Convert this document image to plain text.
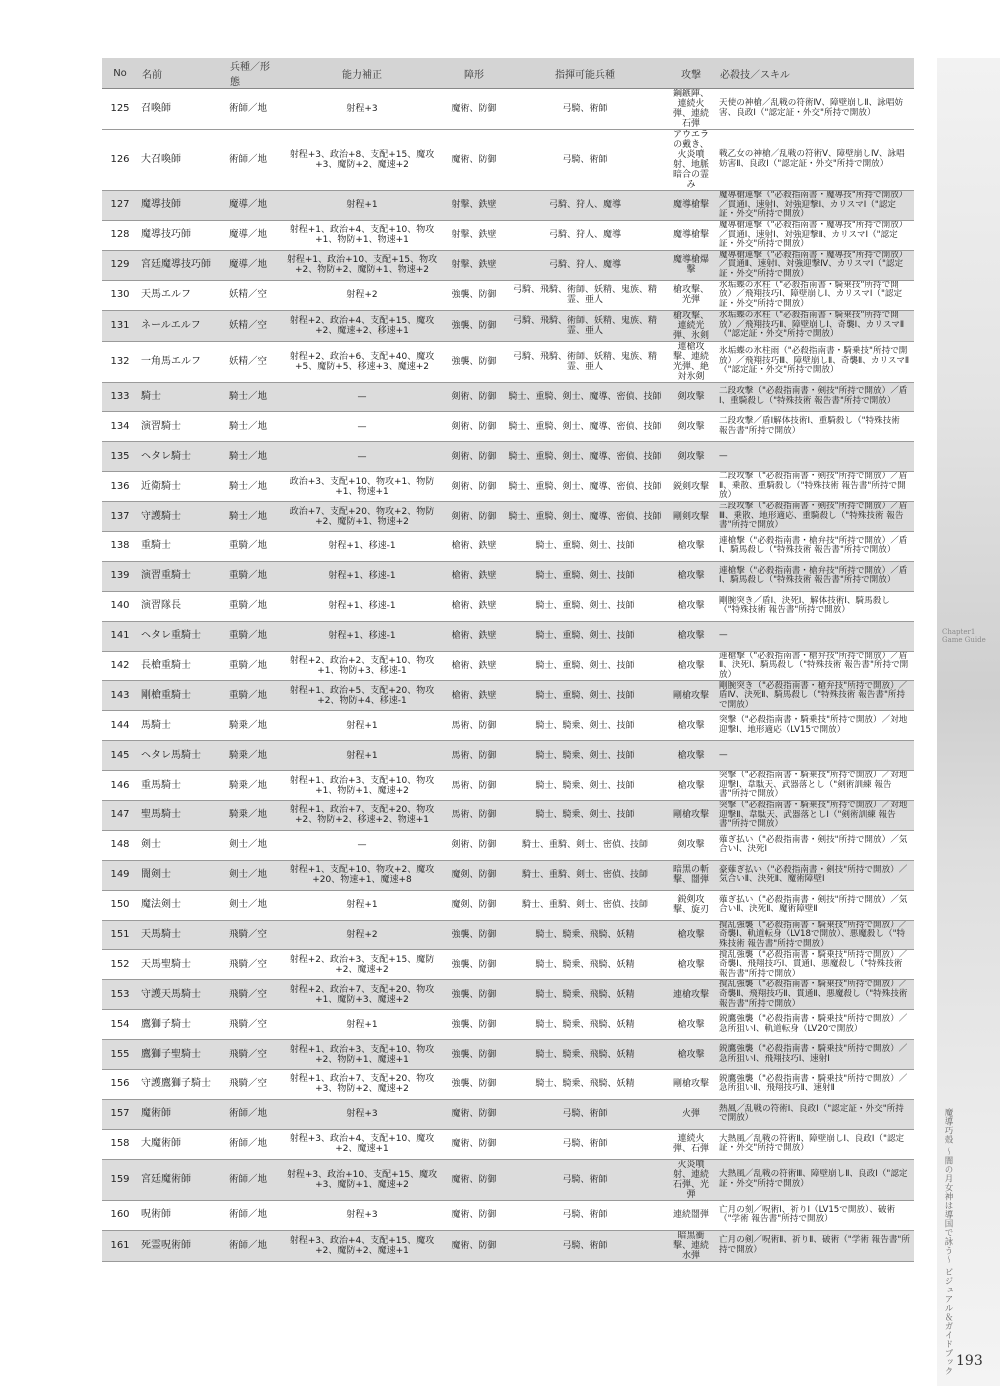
No	名前	兵種／形態	能力補正	障形	指揮可能兵種	攻撃	必殺技／スキル
125	召喚師	術師／地	射程+3	魔術、防御	弓騎、術師	鋼鏃陣、連続火弾、連続石弾	天使の神槍／乱戦の符術Ⅳ、障壁崩しⅡ、詠唱妨害、良政Ⅰ（"認定証・外交"所持で開放）
126	大召喚師	術師／地	射程+3、政治+8、支配+15、魔攻+3、魔防+2、魔速+2	魔術、防御	弓騎、術師	アウエラの戴き、火炎噴射、地脈暗合の霊み	戦乙女の神槍／乱戦の符術Ⅴ、障壁崩しⅣ、詠唱妨害Ⅱ、良政Ⅰ（"認定証・外交"所持で開放）
127	魔導技師	魔導／地	射程+1	射撃、鉄壁	弓騎、狩人、魔導	魔導槍撃	魔導槍連撃（"必殺指南書・魔導技"所持で開放）／貫通Ⅰ、速射Ⅰ、対強迎撃Ⅰ、カリスマⅠ（"認定証・外交"所持で開放）
128	魔導技巧師	魔導／地	射程+1、政治+4、支配+10、物攻+1、物防+1、物速+1	射撃、鉄壁	弓騎、狩人、魔導	魔導槍撃	魔導槍連撃（"必殺指南書・魔導技"所持で開放）／貫通Ⅰ、速射Ⅰ、対強迎撃Ⅱ、カリスマⅠ（"認定証・外交"所持で開放）
129	宮廷魔導技巧師	魔導／地	射程+1、政治+10、支配+15、物攻+2、物防+2、魔防+1、物速+2	射撃、鉄壁	弓騎、狩人、魔導	魔導槍爆撃	魔導槍連撃（"必殺指南書・魔導技"所持で開放）／貫通Ⅱ、速射Ⅰ、対強迎撃Ⅳ、カリスマⅠ（"認定証・外交"所持で開放）
130	天馬エルフ	妖精／空	射程+2	強襲、防御	弓騎、飛騎、術師、妖精、鬼族、精霊、亜人	槍攻撃、光弾	氷垢蝶の氷柱（"必殺指南書・騎乗技"所持で開放）／飛翔技巧Ⅰ、障壁崩しⅠ、カリスマⅠ（"認定証・外交"所持で開放）
131	ネールエルフ	妖精／空	射程+2、政治+4、支配+15、魔攻+2、魔速+2、移速+1	強襲、防御	弓騎、飛騎、術師、妖精、鬼族、精霊、亜人	槍攻撃、連続光弾、氷剣	氷垢蝶の氷柱（"必殺指南書・騎乗技"所持で開放）／飛翔技巧Ⅱ、障壁崩しⅠ、奇襲Ⅰ、カリスマⅡ（"認定証・外交"所持で開放）
132	一角馬エルフ	妖精／空	射程+2、政治+6、支配+40、魔攻+5、魔防+5、移速+3、魔速+2	強襲、防御	弓騎、飛騎、術師、妖精、鬼族、精霊、亜人	連槍攻撃、連続光弾、絶対氷剣	氷垢蝶の氷柱雨（"必殺指南書・騎乗技"所持で開放）／飛翔技巧Ⅲ、障壁崩しⅡ、奇襲Ⅱ、カリスマⅡ（"認定証・外交"所持で開放）
133	騎士	騎士／地	—	剣術、防御	騎士、重騎、剣士、魔導、密偵、技師	剣攻撃	二段攻撃（"必殺指南書・剣技"所持で開放）／盾Ⅰ、重騎殺し（"特殊技術 報告書"所持で開放）
134	演習騎士	騎士／地	—	剣術、防御	騎士、重騎、剣士、魔導、密偵、技師	剣攻撃	二段攻撃／盾Ⅰ解体技術Ⅰ、重騎殺し（"特殊技術 報告書"所持で開放）
135	ヘタレ騎士	騎士／地	—	剣術、防御	騎士、重騎、剣士、魔導、密偵、技師	剣攻撃	—
136	近衛騎士	騎士／地	政治+3、支配+10、物攻+1、物防+1、物速+1	剣術、防御	騎士、重騎、剣士、魔導、密偵、技師	鋭剣攻撃	二段攻撃（"必殺指南書・剣技"所持で開放）／盾Ⅱ、乗散、重騎殺し（"特殊技術 報告書"所持で開放）
137	守護騎士	騎士／地	政治+7、支配+20、物攻+2、物防+2、魔防+1、物速+2	剣術、防御	騎士、重騎、剣士、魔導、密偵、技師	剛剣攻撃	三段攻撃（"必殺指南書・剣技"所持で開放）／盾Ⅲ、乗散、地形適応、重騎殺し（"特殊技術 報告書"所持で開放）
138	重騎士	重騎／地	射程+1、移速-1	槍術、鉄壁	騎士、重騎、剣士、技師	槍攻撃	連槍撃（"必殺指南書・槍弁技"所持で開放）／盾Ⅰ、騎馬殺し（"特殊技術 報告書"所持で開放）
139	演習重騎士	重騎／地	射程+1、移速-1	槍術、鉄壁	騎士、重騎、剣士、技師	槍攻撃	連槍撃（"必殺指南書・槍弁技"所持で開放）／盾Ⅰ、騎馬殺し（"特殊技術 報告書"所持で開放）
140	演習隊長	重騎／地	射程+1、移速-1	槍術、鉄壁	騎士、重騎、剣士、技師	槍攻撃	剛腕突き／盾Ⅰ、決死Ⅰ、解体技術Ⅰ、騎馬殺し（"特殊技術 報告書"所持で開放）
141	ヘタレ重騎士	重騎／地	射程+1、移速-1	槍術、鉄壁	騎士、重騎、剣士、技師	槍攻撃	—
142	長槍重騎士	重騎／地	射程+2、政治+2、支配+10、物攻+1、物防+3、移速-1	槍術、鉄壁	騎士、重騎、剣士、技師	槍攻撃	連槍撃（"必殺指南書・槍弁技"所持で開放）／盾Ⅱ、決死Ⅰ、騎馬殺し（"特殊技術 報告書"所持で開放）
143	剛槍重騎士	重騎／地	射程+1、政治+5、支配+20、物攻+2、物防+4、移速-1	槍術、鉄壁	騎士、重騎、剣士、技師	剛槍攻撃	剛腕突き（"必殺指南書・槍弁技"所持で開放）／盾Ⅳ、決死Ⅱ、騎馬殺し（"特殊技術 報告書"所持で開放）
144	馬騎士	騎乗／地	射程+1	馬術、防御	騎士、騎乗、剣士、技師	槍攻撃	突撃（"必殺指南書・騎乗技"所持で開放）／対地迎撃Ⅰ、地形適応（LV15で開放）
145	ヘタレ馬騎士	騎乗／地	射程+1	馬術、防御	騎士、騎乗、剣士、技師	槍攻撃	—
146	重馬騎士	騎乗／地	射程+1、政治+3、支配+10、物攻+1、物防+1、魔速+2	馬術、防御	騎士、騎乗、剣士、技師	槍攻撃	突撃（"必殺指南書・騎乗技"所持で開放）／対地迎撃Ⅰ、韋駄天、武器落とし（"剣術訓練 報告書"所持で開放）
147	聖馬騎士	騎乗／地	射程+1、政治+7、支配+20、物攻+2、物防+2、移速+2、物速+1	馬術、防御	騎士、騎乗、剣士、技師	剛槍攻撃	突撃（"必殺指南書・騎乗技"所持で開放）／対地迎撃Ⅱ、韋駄天、武器落としⅠ（"剣術訓練 報告書"所持で開放）
148	剣士	剣士／地	—	剣術、防御	騎士、重騎、剣士、密偵、技師	剣攻撃	薙ぎ払い（"必殺指南書・剣技"所持で開放）／気合いⅠ、決死Ⅰ
149	闇剣士	剣士／地	射程+1、支配+10、物攻+2、魔攻+20、物速+1、魔速+8	魔剣、防御	騎士、重騎、剣士、密偵、技師	暗黒の斬撃、闇弾	豪薙ぎ払い（"必殺指南書・剣技"所持で開放）／気合いⅡ、決死Ⅱ、魔術障壁Ⅰ
150	魔法剣士	剣士／地	射程+1	魔剣、防御	騎士、重騎、剣士、密偵、技師	鋭剣攻撃、旋刃	薙ぎ払い（"必殺指南書・剣技"所持で開放）／気合いⅡ、決死Ⅱ、魔術障壁Ⅱ
151	天馬騎士	飛騎／空	射程+2	強襲、防御	騎士、騎乗、飛騎、妖精	槍攻撃	撹乱強襲（"必殺指南書・騎乗技"所持で開放）／奇襲Ⅰ、軌道転身（LV18で開放）、悪魔殺し（"特殊技術 報告書"所持で開放）
152	天馬聖騎士	飛騎／空	射程+2、政治+3、支配+15、魔防+2、魔速+2	強襲、防御	騎士、騎乗、飛騎、妖精	槍攻撃	撹乱強襲（"必殺指南書・騎乗技"所持で開放）／奇襲Ⅰ、飛翔技巧Ⅰ、貫通Ⅰ、悪魔殺し（"特殊技術 報告書"所持で開放）
153	守護天馬騎士	飛騎／空	射程+2、政治+7、支配+20、物攻+1、魔防+3、魔速+2	強襲、防御	騎士、騎乗、飛騎、妖精	連槍攻撃	撹乱強襲（"必殺指南書・騎乗技"所持で開放）／奇襲Ⅱ、飛翔技巧Ⅱ、貫通Ⅱ、悪魔殺し（"特殊技術 報告書"所持で開放）
154	鷹獅子騎士	飛騎／空	射程+1	強襲、防御	騎士、騎乗、飛騎、妖精	槍攻撃	鋭鷹強襲（"必殺指南書・騎乗技"所持で開放）／急所狙いⅠ、軌道転身（LV20で開放）
155	鷹獅子聖騎士	飛騎／空	射程+1、政治+3、支配+10、物攻+2、物防+1、魔速+1	強襲、防御	騎士、騎乗、飛騎、妖精	槍攻撃	鋭鷹強襲（"必殺指南書・騎乗技"所持で開放）／急所狙いⅠ、飛翔技巧Ⅰ、速射Ⅰ
156	守護鷹獅子騎士	飛騎／空	射程+1、政治+7、支配+20、物攻+3、物防+2、魔速+2	強襲、防御	騎士、騎乗、飛騎、妖精	剛槍攻撃	鋭鷹強襲（"必殺指南書・騎乗技"所持で開放）／急所狙いⅡ、飛翔技巧Ⅱ、速射Ⅱ
157	魔術師	術師／地	射程+3	魔術、防御	弓騎、術師	火弾	熱風／乱戦の符術Ⅰ、良政Ⅰ（"認定証・外交"所持で開放）
158	大魔術師	術師／地	射程+3、政治+4、支配+10、魔攻+2、魔速+1	魔術、防御	弓騎、術師	連続火弾、石弾	大熱風／乱戦の符術Ⅱ、障壁崩しⅠ、良政Ⅰ（"認定証・外交"所持で開放）
159	宮廷魔術師	術師／地	射程+3、政治+10、支配+15、魔攻+3、魔防+1、魔速+2	魔術、防御	弓騎、術師	火炎噴射、連続石弾、光弾	大熱風／乱戦の符術Ⅲ、障壁崩しⅡ、良政Ⅰ（"認定証・外交"所持で開放）
160	呪術師	術師／地	射程+3	魔術、防御	弓騎、術師	連続闇弾	亡月の刻／呪術Ⅰ、祈りⅠ（LV15で開放）、破術（"学術 報告書"所持で開放）
161	死霊呪術師	術師／地	射程+3、政治+4、支配+15、魔攻+2、魔防+2、魔速+1	魔術、防御	弓騎、術師	暗黒衝撃、連続水弾	亡月の剣／呪術Ⅱ、祈りⅡ、破術（"学術 報告書"所持で開放）
Chapter1
Game Guide
魔導巧殻 〜闇の月女神は導国で詠う〜 ビジュアル＆ガイドブック 193
